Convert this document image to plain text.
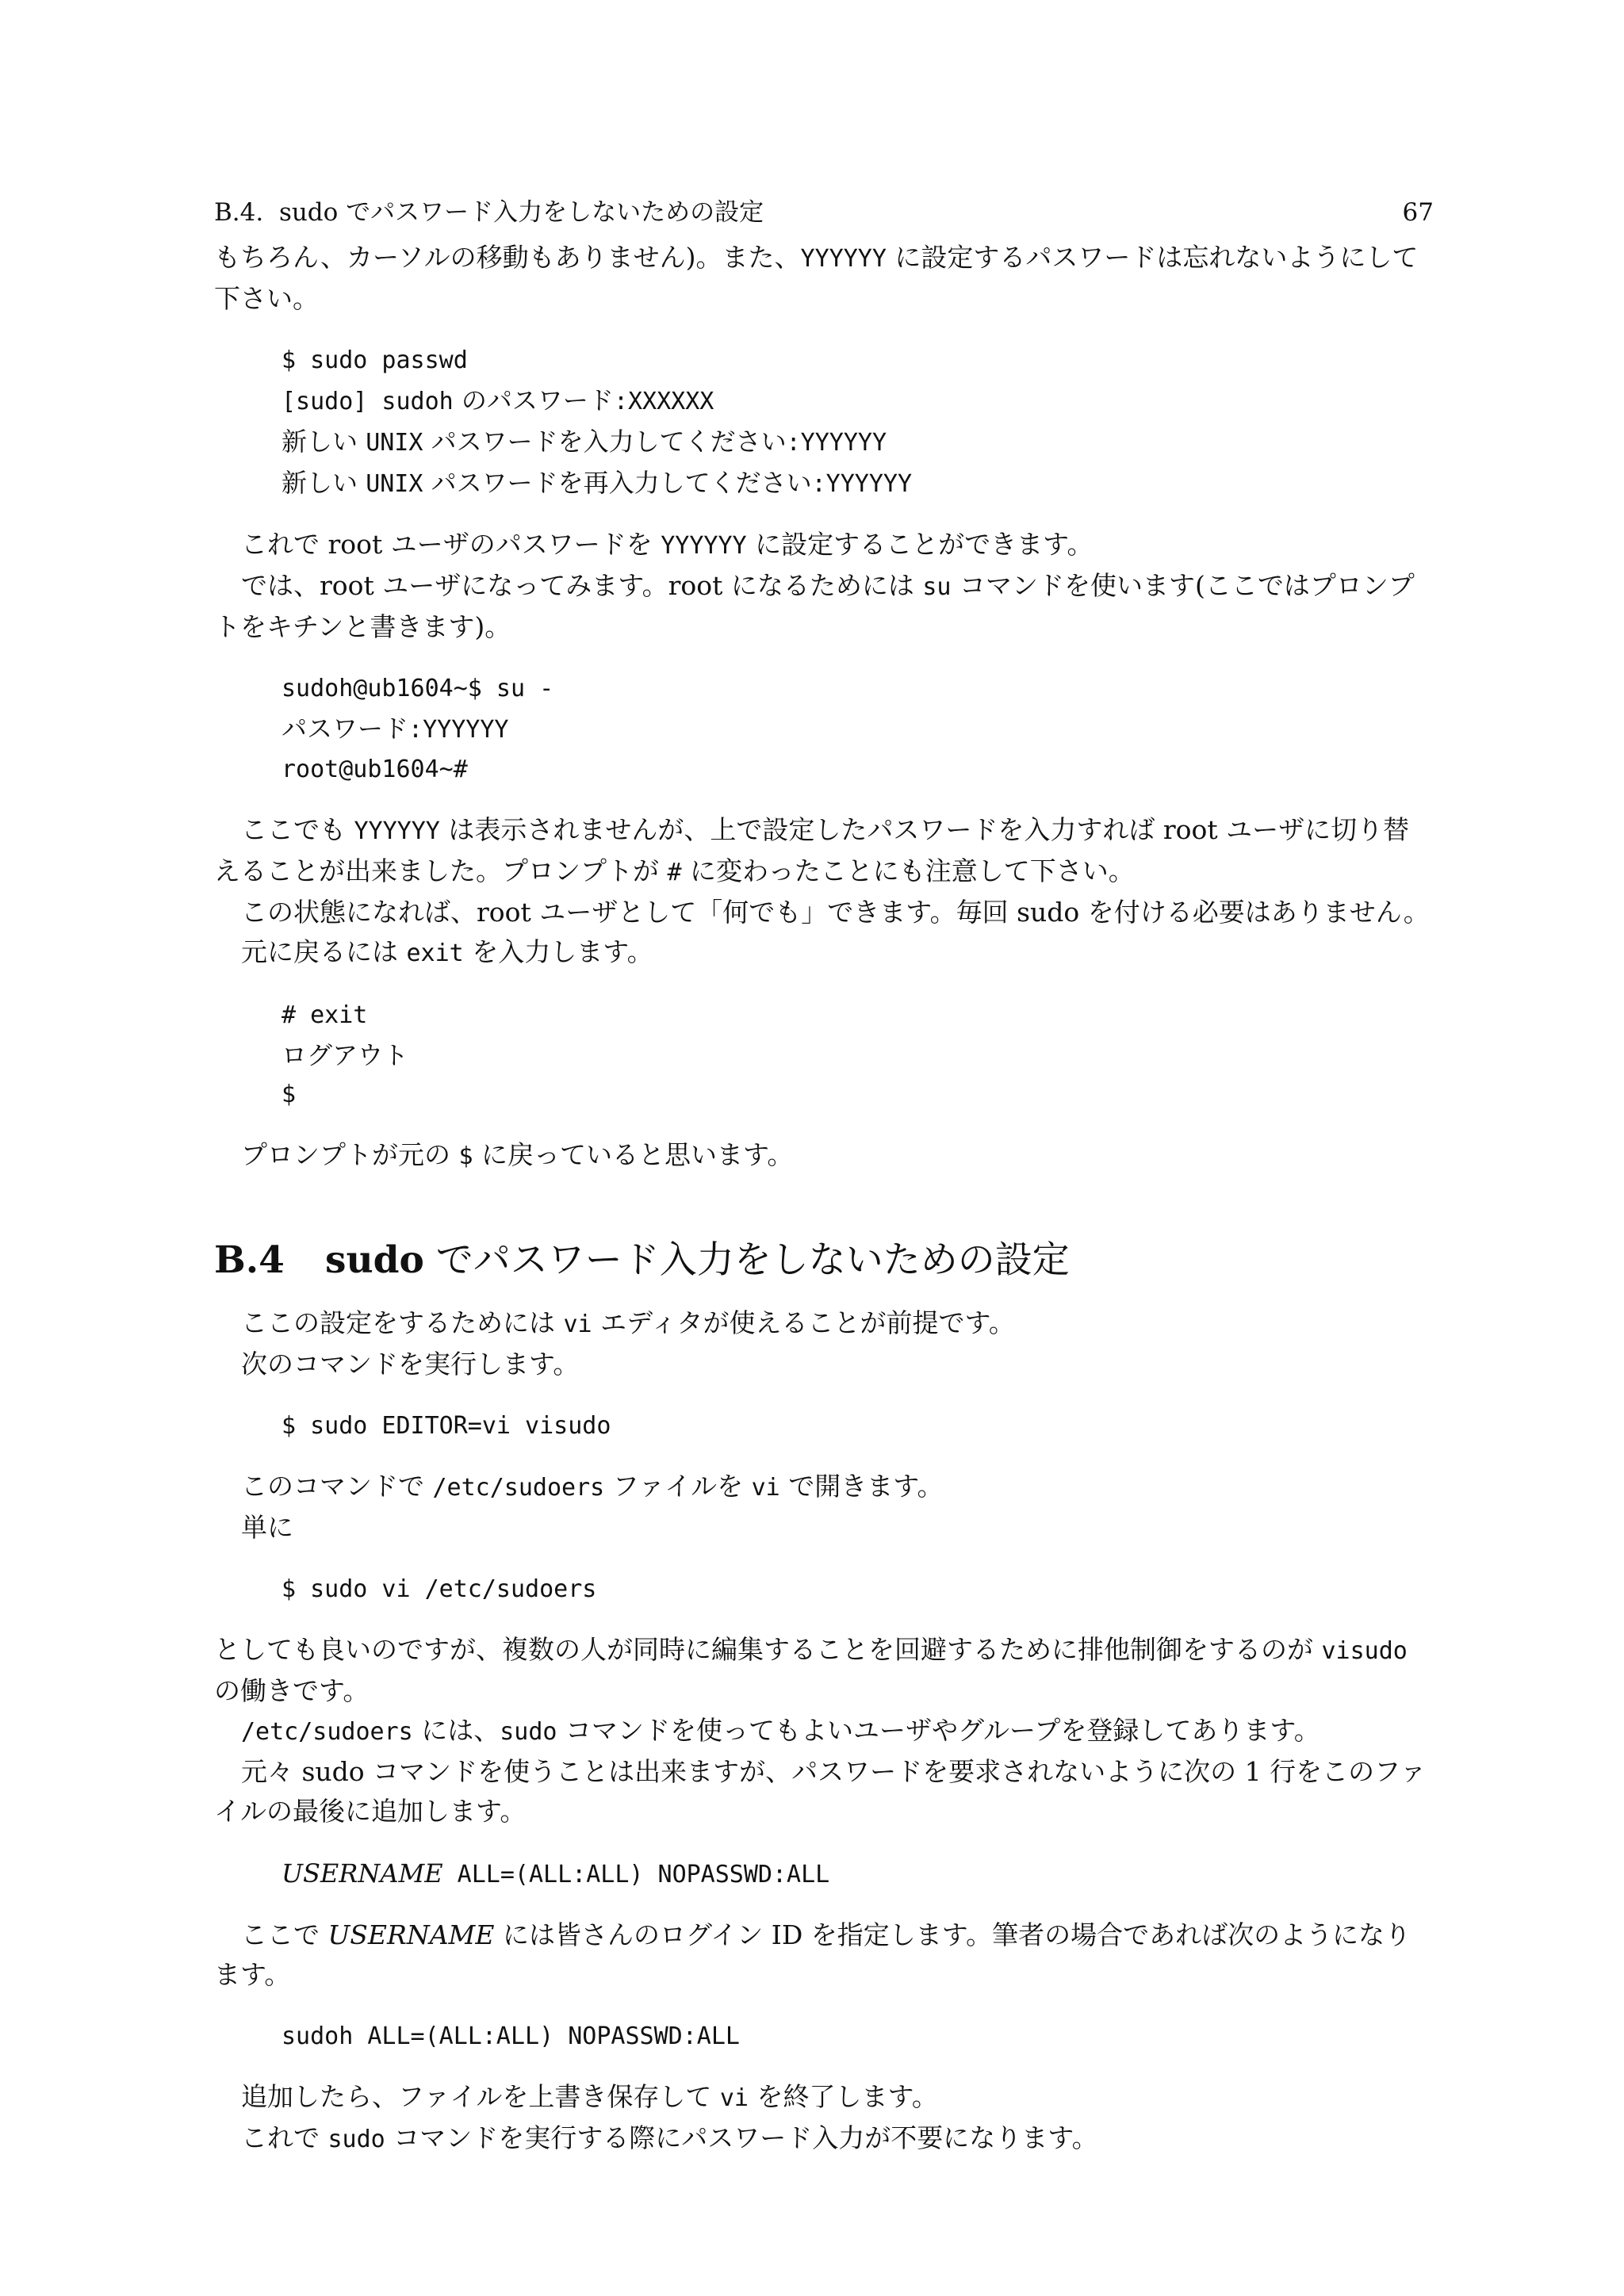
B.4. sudo でパスワード入力をしないための設定	67

もちろん、カーソルの移動もありません)。また、YYYYYY に設定するパスワードは忘れないようにして下さい。

$ sudo passwd
[sudo] sudoh のパスワード:XXXXXX
新しい UNIX パスワードを入力してください:YYYYYY
新しい UNIX パスワードを再入力してください:YYYYYY

これで root ユーザのパスワードを YYYYYY に設定することができます。

では、root ユーザになってみます。root になるためには su コマンドを使います(ここではプロンプトをキチンと書きます)。

sudoh@ub1604~$ su -
パスワード:YYYYYY
root@ub1604~#

ここでも YYYYYY は表示されませんが、上で設定したパスワードを入力すれば root ユーザに切り替えることが出来ました。プロンプトが # に変わったことにも注意して下さい。

この状態になれば、root ユーザとして「何でも」できます。毎回 sudo を付ける必要はありません。

元に戻るには exit を入力します。

# exit
ログアウト
$

プロンプトが元の $ に戻っていると思います。

B.4 sudo でパスワード入力をしないための設定

ここの設定をするためには vi エディタが使えることが前提です。

次のコマンドを実行します。

$ sudo EDITOR=vi visudo

このコマンドで /etc/sudoers ファイルを vi で開きます。

単に

$ sudo vi /etc/sudoers

としても良いのですが、複数の人が同時に編集することを回避するために排他制御をするのが visudo の働きです。

/etc/sudoers には、sudo コマンドを使ってもよいユーザやグループを登録してあります。

元々 sudo コマンドを使うことは出来ますが、パスワードを要求されないように次の 1 行をこのファイルの最後に追加します。

USERNAME ALL=(ALL:ALL) NOPASSWD:ALL

ここで USERNAME には皆さんのログイン ID を指定します。筆者の場合であれば次のようになります。

sudoh ALL=(ALL:ALL) NOPASSWD:ALL

追加したら、ファイルを上書き保存して vi を終了します。

これで sudo コマンドを実行する際にパスワード入力が不要になります。
